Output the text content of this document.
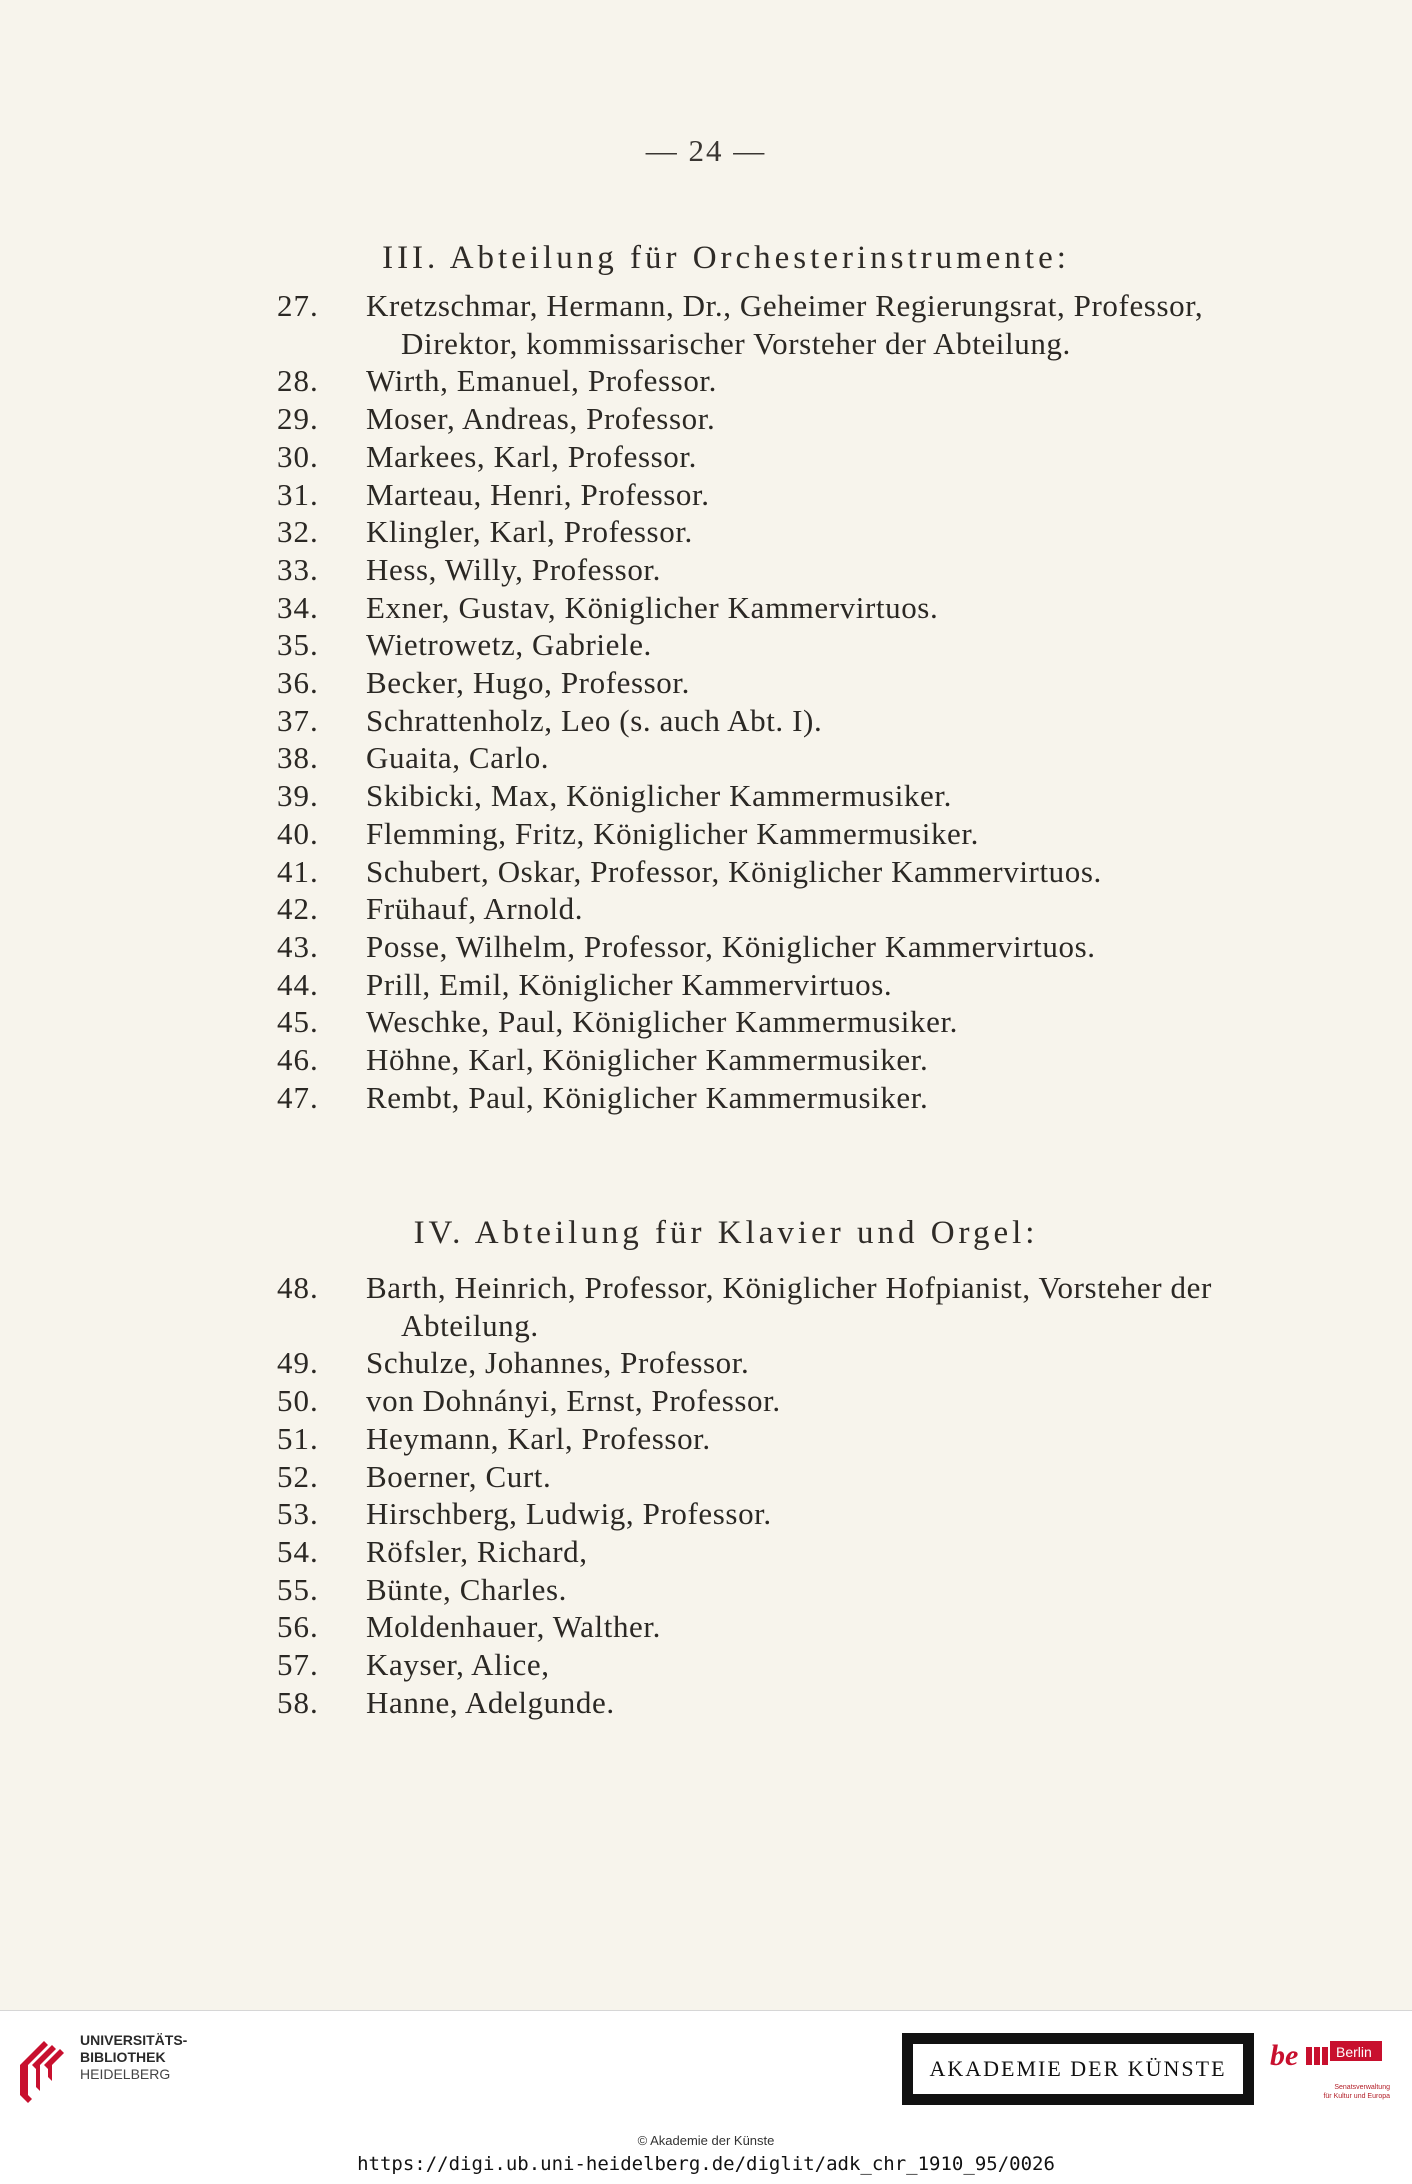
— 24 —
III. Abteilung für Orchesterinstrumente:
27.	Kretzschmar, Hermann, Dr., Geheimer Regierungsrat, Professor, Direktor, kommissarischer Vorsteher der Abteilung.
28.	Wirth, Emanuel, Professor.
29.	Moser, Andreas, Professor.
30.	Markees, Karl, Professor.
31.	Marteau, Henri, Professor.
32.	Klingler, Karl, Professor.
33.	Hess, Willy, Professor.
34.	Exner, Gustav, Königlicher Kammervirtuos.
35.	Wietrowetz, Gabriele.
36.	Becker, Hugo, Professor.
37.	Schrattenholz, Leo (s. auch Abt. I).
38.	Guaita, Carlo.
39.	Skibicki, Max, Königlicher Kammermusiker.
40.	Flemming, Fritz, Königlicher Kammermusiker.
41.	Schubert, Oskar, Professor, Königlicher Kammervirtuos.
42.	Frühauf, Arnold.
43.	Posse, Wilhelm, Professor, Königlicher Kammervirtuos.
44.	Prill, Emil, Königlicher Kammervirtuos.
45.	Weschke, Paul, Königlicher Kammermusiker.
46.	Höhne, Karl, Königlicher Kammermusiker.
47.	Rembt, Paul, Königlicher Kammermusiker.
IV. Abteilung für Klavier und Orgel:
48.	Barth, Heinrich, Professor, Königlicher Hofpianist, Vorsteher der Abteilung.
49.	Schulze, Johannes, Professor.
50.	von Dohnányi, Ernst, Professor.
51.	Heymann, Karl, Professor.
52.	Boerner, Curt.
53.	Hirschberg, Ludwig, Professor.
54.	Röfsler, Richard,
55.	Bünte, Charles.
56.	Moldenhauer, Walther.
57.	Kayser, Alice,
58.	Hanne, Adelgunde.
UNIVERSITÄTS-
BIBLIOTHEK
HEIDELBERG	AKADEMIE DER KÜNSTE	be	Berlin
Senatsverwaltung
für Kultur und Europa
© Akademie der Künste
https://digi.ub.uni-heidelberg.de/diglit/adk_chr_1910_95/0026
